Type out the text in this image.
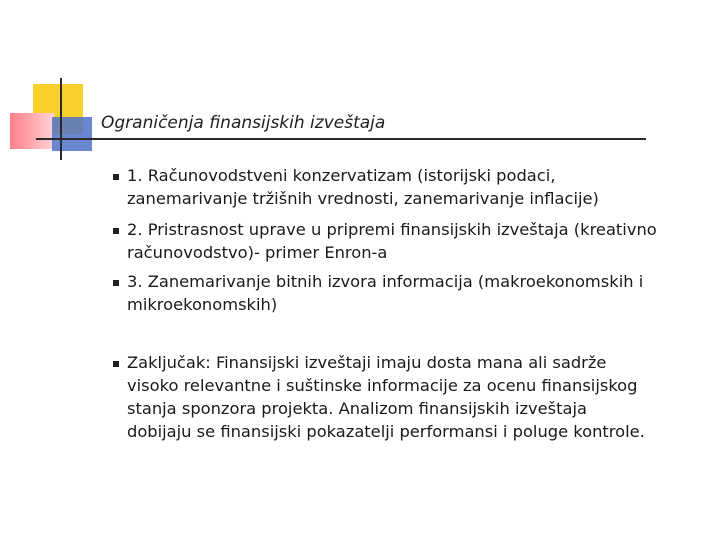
Ograničenja finansijskih izveštaja
1. Računovodstveni konzervatizam (istorijski podaci,
zanemarivanje tržišnih vrednosti, zanemarivanje inflacije)
2. Pristrasnost uprave u pripremi finansijskih izveštaja (kreativno
računovodstvo)- primer Enron-a
3. Zanemarivanje bitnih izvora informacija (makroekonomskih i
mikroekonomskih)
Zaključak: Finansijski izveštaji imaju dosta mana ali sadrže
visoko relevantne i suštinske informacije za ocenu finansijskog
stanja sponzora projekta. Analizom finansijskih izveštaja
dobijaju se finansijski pokazatelji performansi i poluge kontrole.
